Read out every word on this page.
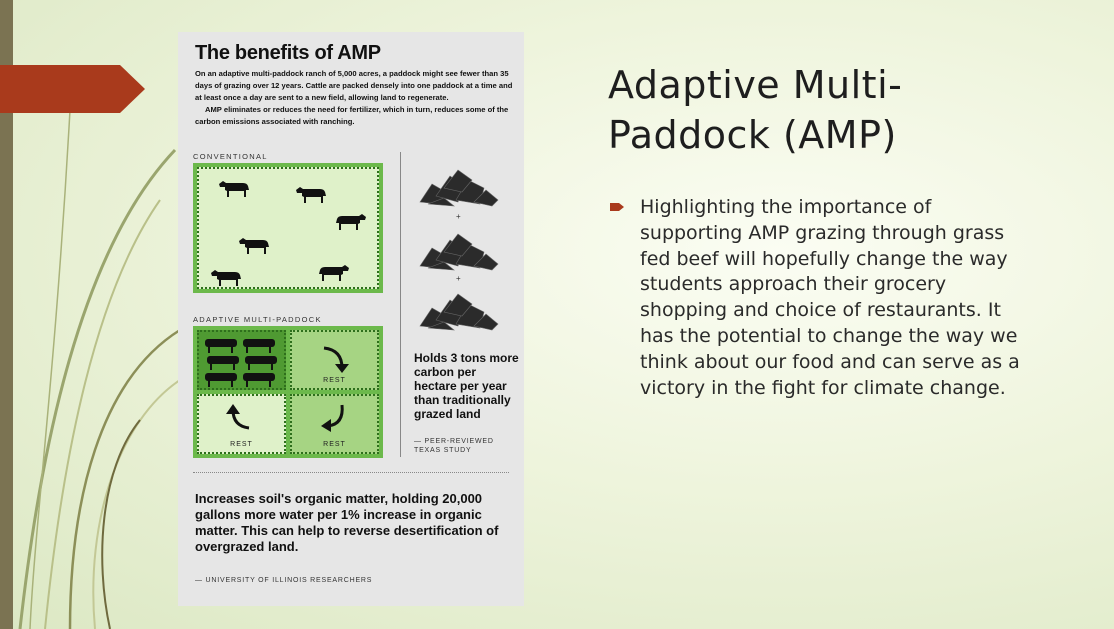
The benefits of AMP

On an adaptive multi-paddock ranch of 5,000 acres, a paddock might see fewer than 35 days of grazing over 12 years. Cattle are packed densely into one paddock at a time and at least once a day are sent to a new field, allowing land to regenerate.

AMP eliminates or reduces the need for fertilizer, which in turn, reduces some of the carbon emissions associated with ranching.

CONVENTIONAL
ADAPTIVE MULTI-PADDOCK
REST
REST	REST
+
+
Holds 3 tons more carbon per hectare per year than traditionally grazed land
— PEER-REVIEWED TEXAS STUDY
Increases soil's organic matter, holding 20,000 gallons more water per 1% increase in organic matter. This can help to reverse desertification of overgrazed land.
— UNIVERSITY OF ILLINOIS RESEARCHERS
Adaptive Multi-Paddock (AMP)
Highlighting the importance of supporting AMP grazing through grass fed beef will hopefully change the way students approach their grocery shopping and choice of restaurants. It has the potential to change the way we think about our food and can serve as a victory in the fight for climate change.
